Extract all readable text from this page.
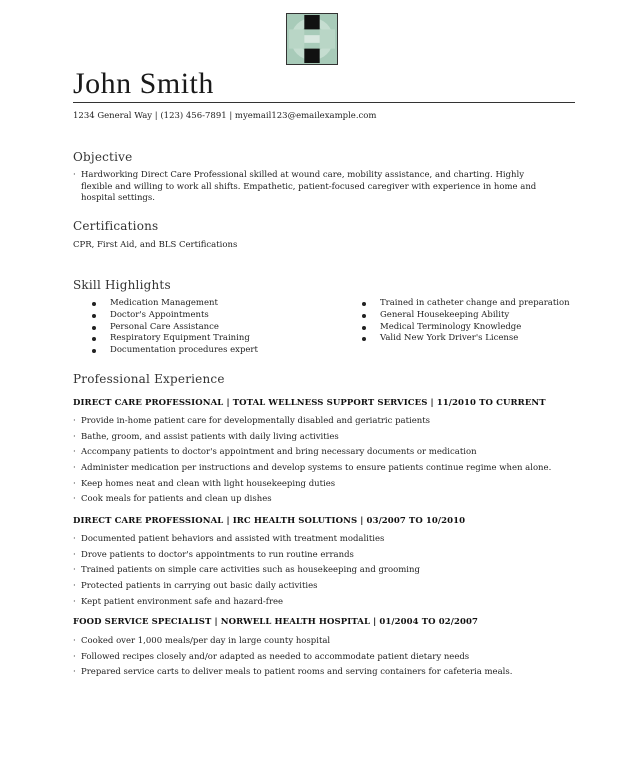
John Smith
1234 General Way | (123) 456-7891 | myemail123@emailexample.com
Objective
· Hardworking Direct Care Professional skilled at wound care, mobility assistance, and charting. Highly flexible and willing to work all shifts. Empathetic, patient-focused caregiver with experience in home and hospital settings.
Certifications
CPR, First Aid, and BLS Certifications
Skill Highlights
Medication Management
Doctor's Appointments
Personal Care Assistance
Respiratory Equipment Training
Documentation procedures expert
Trained in catheter change and preparation
General Housekeeping Ability
Medical Terminology Knowledge
Valid New York Driver's License
Professional Experience
DIRECT CARE PROFESSIONAL | TOTAL WELLNESS SUPPORT SERVICES | 11/2010 TO CURRENT
· Provide in-home patient care for developmentally disabled and geriatric patients
· Bathe, groom, and assist patients with daily living activities
· Accompany patients to doctor's appointment and bring necessary documents or medication
· Administer medication per instructions and develop systems to ensure patients continue regime when alone.
· Keep homes neat and clean with light housekeeping duties
· Cook meals for patients and clean up dishes
DIRECT CARE PROFESSIONAL | IRC HEALTH SOLUTIONS | 03/2007 TO 10/2010
· Documented patient behaviors and assisted with treatment modalities
· Drove patients to doctor's appointments to run routine errands
· Trained patients on simple care activities such as housekeeping and grooming
· Protected patients in carrying out basic daily activities
· Kept patient environment safe and hazard-free
FOOD SERVICE SPECIALIST | NORWELL HEALTH HOSPITAL | 01/2004 TO 02/2007
· Cooked over 1,000 meals/per day in large county hospital
· Followed recipes closely and/or adapted as needed to accommodate patient dietary needs
· Prepared service carts to deliver meals to patient rooms and serving containers for cafeteria meals.
